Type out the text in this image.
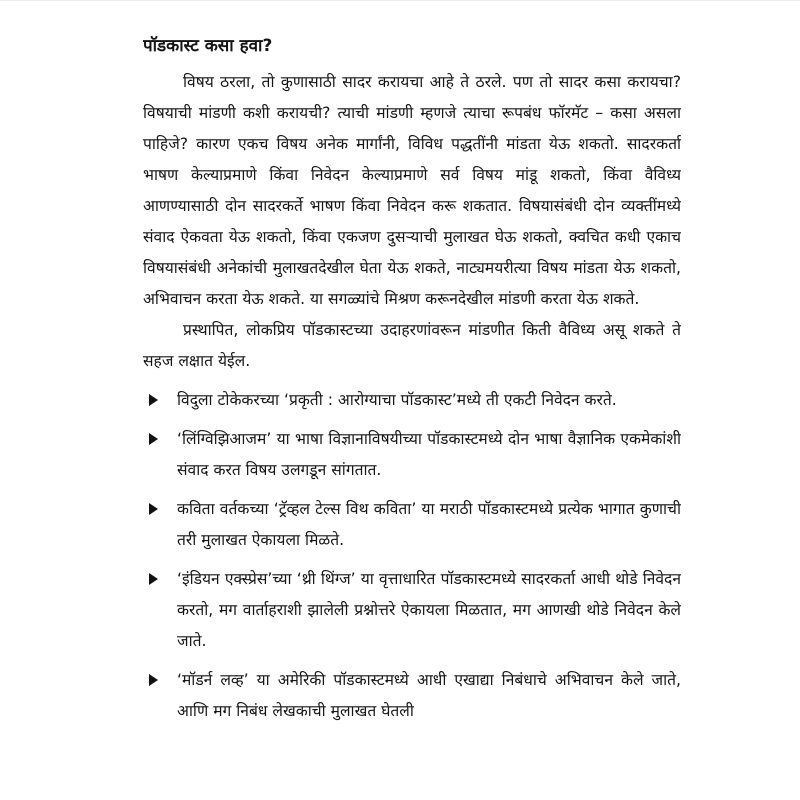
पॉडकास्ट कसा हवा?

विषय ठरला, तो कुणासाठी सादर करायचा आहे ते ठरले. पण तो सादर कसा करायचा? विषयाची मांडणी कशी करायची? त्याची मांडणी म्हणजे त्याचा रूपबंध फॉरमॅट – कसा असला पाहिजे? कारण एकच विषय अनेक मार्गांनी, विविध पद्धतींनी मांडता येऊ शकतो. सादरकर्ता भाषण केल्याप्रमाणे किंवा निवेदन केल्याप्रमाणे सर्व विषय मांडू शकतो, किंवा वैविध्य आणण्यासाठी दोन सादरकर्ते भाषण किंवा निवेदन करू शकतात. विषयासंबंधी दोन व्यक्तींमध्ये संवाद ऐकवता येऊ शकतो, किंवा एकजण दुसऱ्याची मुलाखत घेऊ शकतो, क्वचित कधी एकाच विषयासंबंधी अनेकांची मुलाखतदेखील घेता येऊ शकते, नाट्यमयरीत्या विषय मांडता येऊ शकतो, अभिवाचन करता येऊ शकते. या सगळ्यांचे मिश्रण करूनदेखील मांडणी करता येऊ शकते.

प्रस्थापित, लोकप्रिय पॉडकास्टच्या उदाहरणांवरून मांडणीत किती वैविध्य असू शकते ते सहज लक्षात येईल.

विदुला टोकेकरच्या ‘प्रकृती : आरोग्याचा पॉडकास्ट’मध्ये ती एकटी निवेदन करते.
‘लिंग्विझिआजम’ या भाषा विज्ञानाविषयीच्या पॉडकास्टमध्ये दोन भाषा वैज्ञानिक एकमेकांशी संवाद करत विषय उलगडून सांगतात.
कविता वर्तकच्या ‘ट्रॅव्हल टेल्स विथ कविता’ या मराठी पॉडकास्टमध्ये प्रत्येक भागात कुणाची तरी मुलाखत ऐकायला मिळते.
‘इंडियन एक्स्प्रेस’च्या ‘थ्री थिंग्ज’ या वृत्ताधारित पॉडकास्टमध्ये सादरकर्ता आधी थोडे निवेदन करतो, मग वार्ताहराशी झालेली प्रश्नोत्तरे ऐकायला मिळतात, मग आणखी थोडे निवेदन केले जाते.
‘मॉडर्न लव्ह’ या अमेरिकी पॉडकास्टमध्ये आधी एखाद्या निबंधाचे अभिवाचन केले जाते, आणि मग निबंध लेखकाची मुलाखत घेतली
